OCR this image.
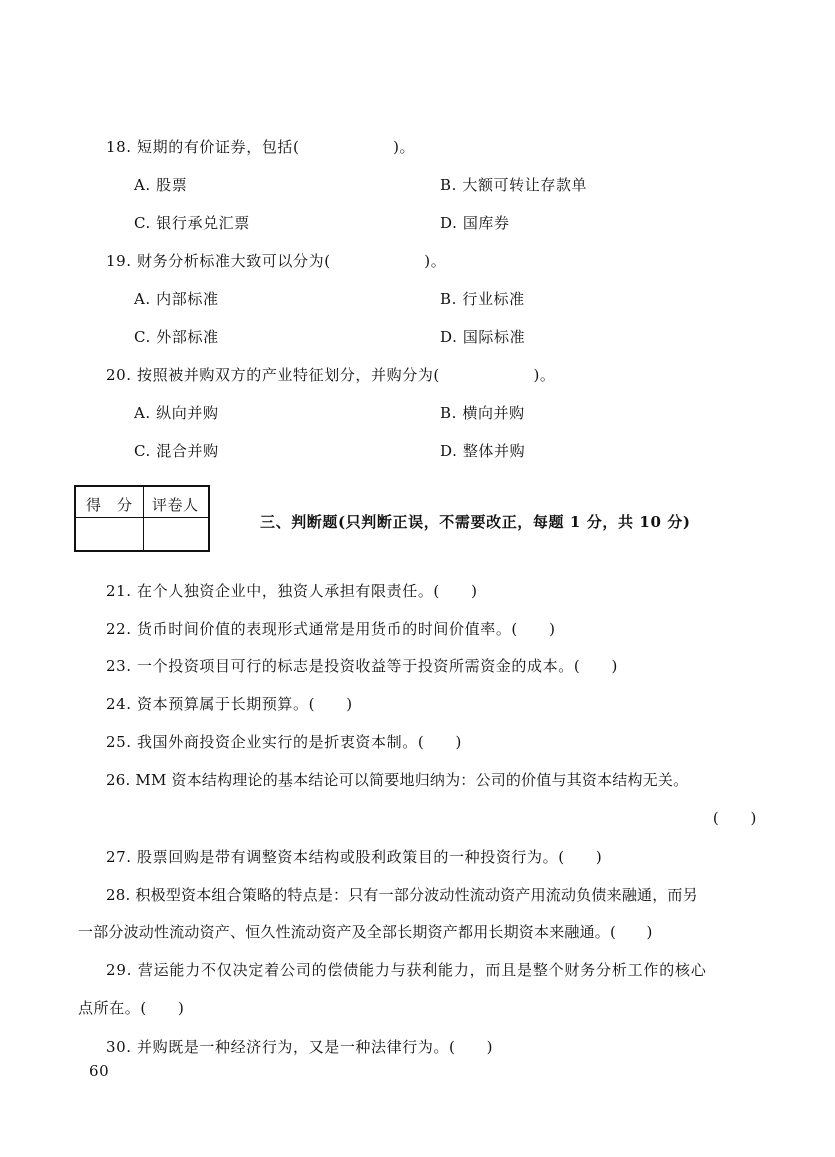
18. 短期的有价证券，包括(　　　　　　)。
A. 股票	B. 大额可转让存款单
C. 银行承兑汇票	D. 国库券
19. 财务分析标准大致可以分为(　　　　　　)。
A. 内部标准	B. 行业标准
C. 外部标准	D. 国际标准
20. 按照被并购双方的产业特征划分，并购分为(　　　　　　)。
A. 纵向并购	B. 横向并购
C. 混合并购	D. 整体并购
得　分 评卷人
三、判断题(只判断正误，不需要改正，每题 1 分，共 10 分)
21. 在个人独资企业中，独资人承担有限责任。(　　)
22. 货币时间价值的表现形式通常是用货币的时间价值率。(　　)
23. 一个投资项目可行的标志是投资收益等于投资所需资金的成本。(　　)
24. 资本预算属于长期预算。(　　)
25. 我国外商投资企业实行的是折衷资本制。(　　)
26. MM 资本结构理论的基本结论可以简要地归纳为：公司的价值与其资本结构无关。
(　　)
27. 股票回购是带有调整资本结构或股利政策目的一种投资行为。(　　)
28. 积极型资本组合策略的特点是：只有一部分波动性流动资产用流动负债来融通，而另
一部分波动性流动资产、恒久性流动资产及全部长期资产都用长期资本来融通。(　　)
29. 营运能力不仅决定着公司的偿债能力与获利能力，而且是整个财务分析工作的核心
点所在。(　　)
30. 并购既是一种经济行为，又是一种法律行为。(　　)
60
